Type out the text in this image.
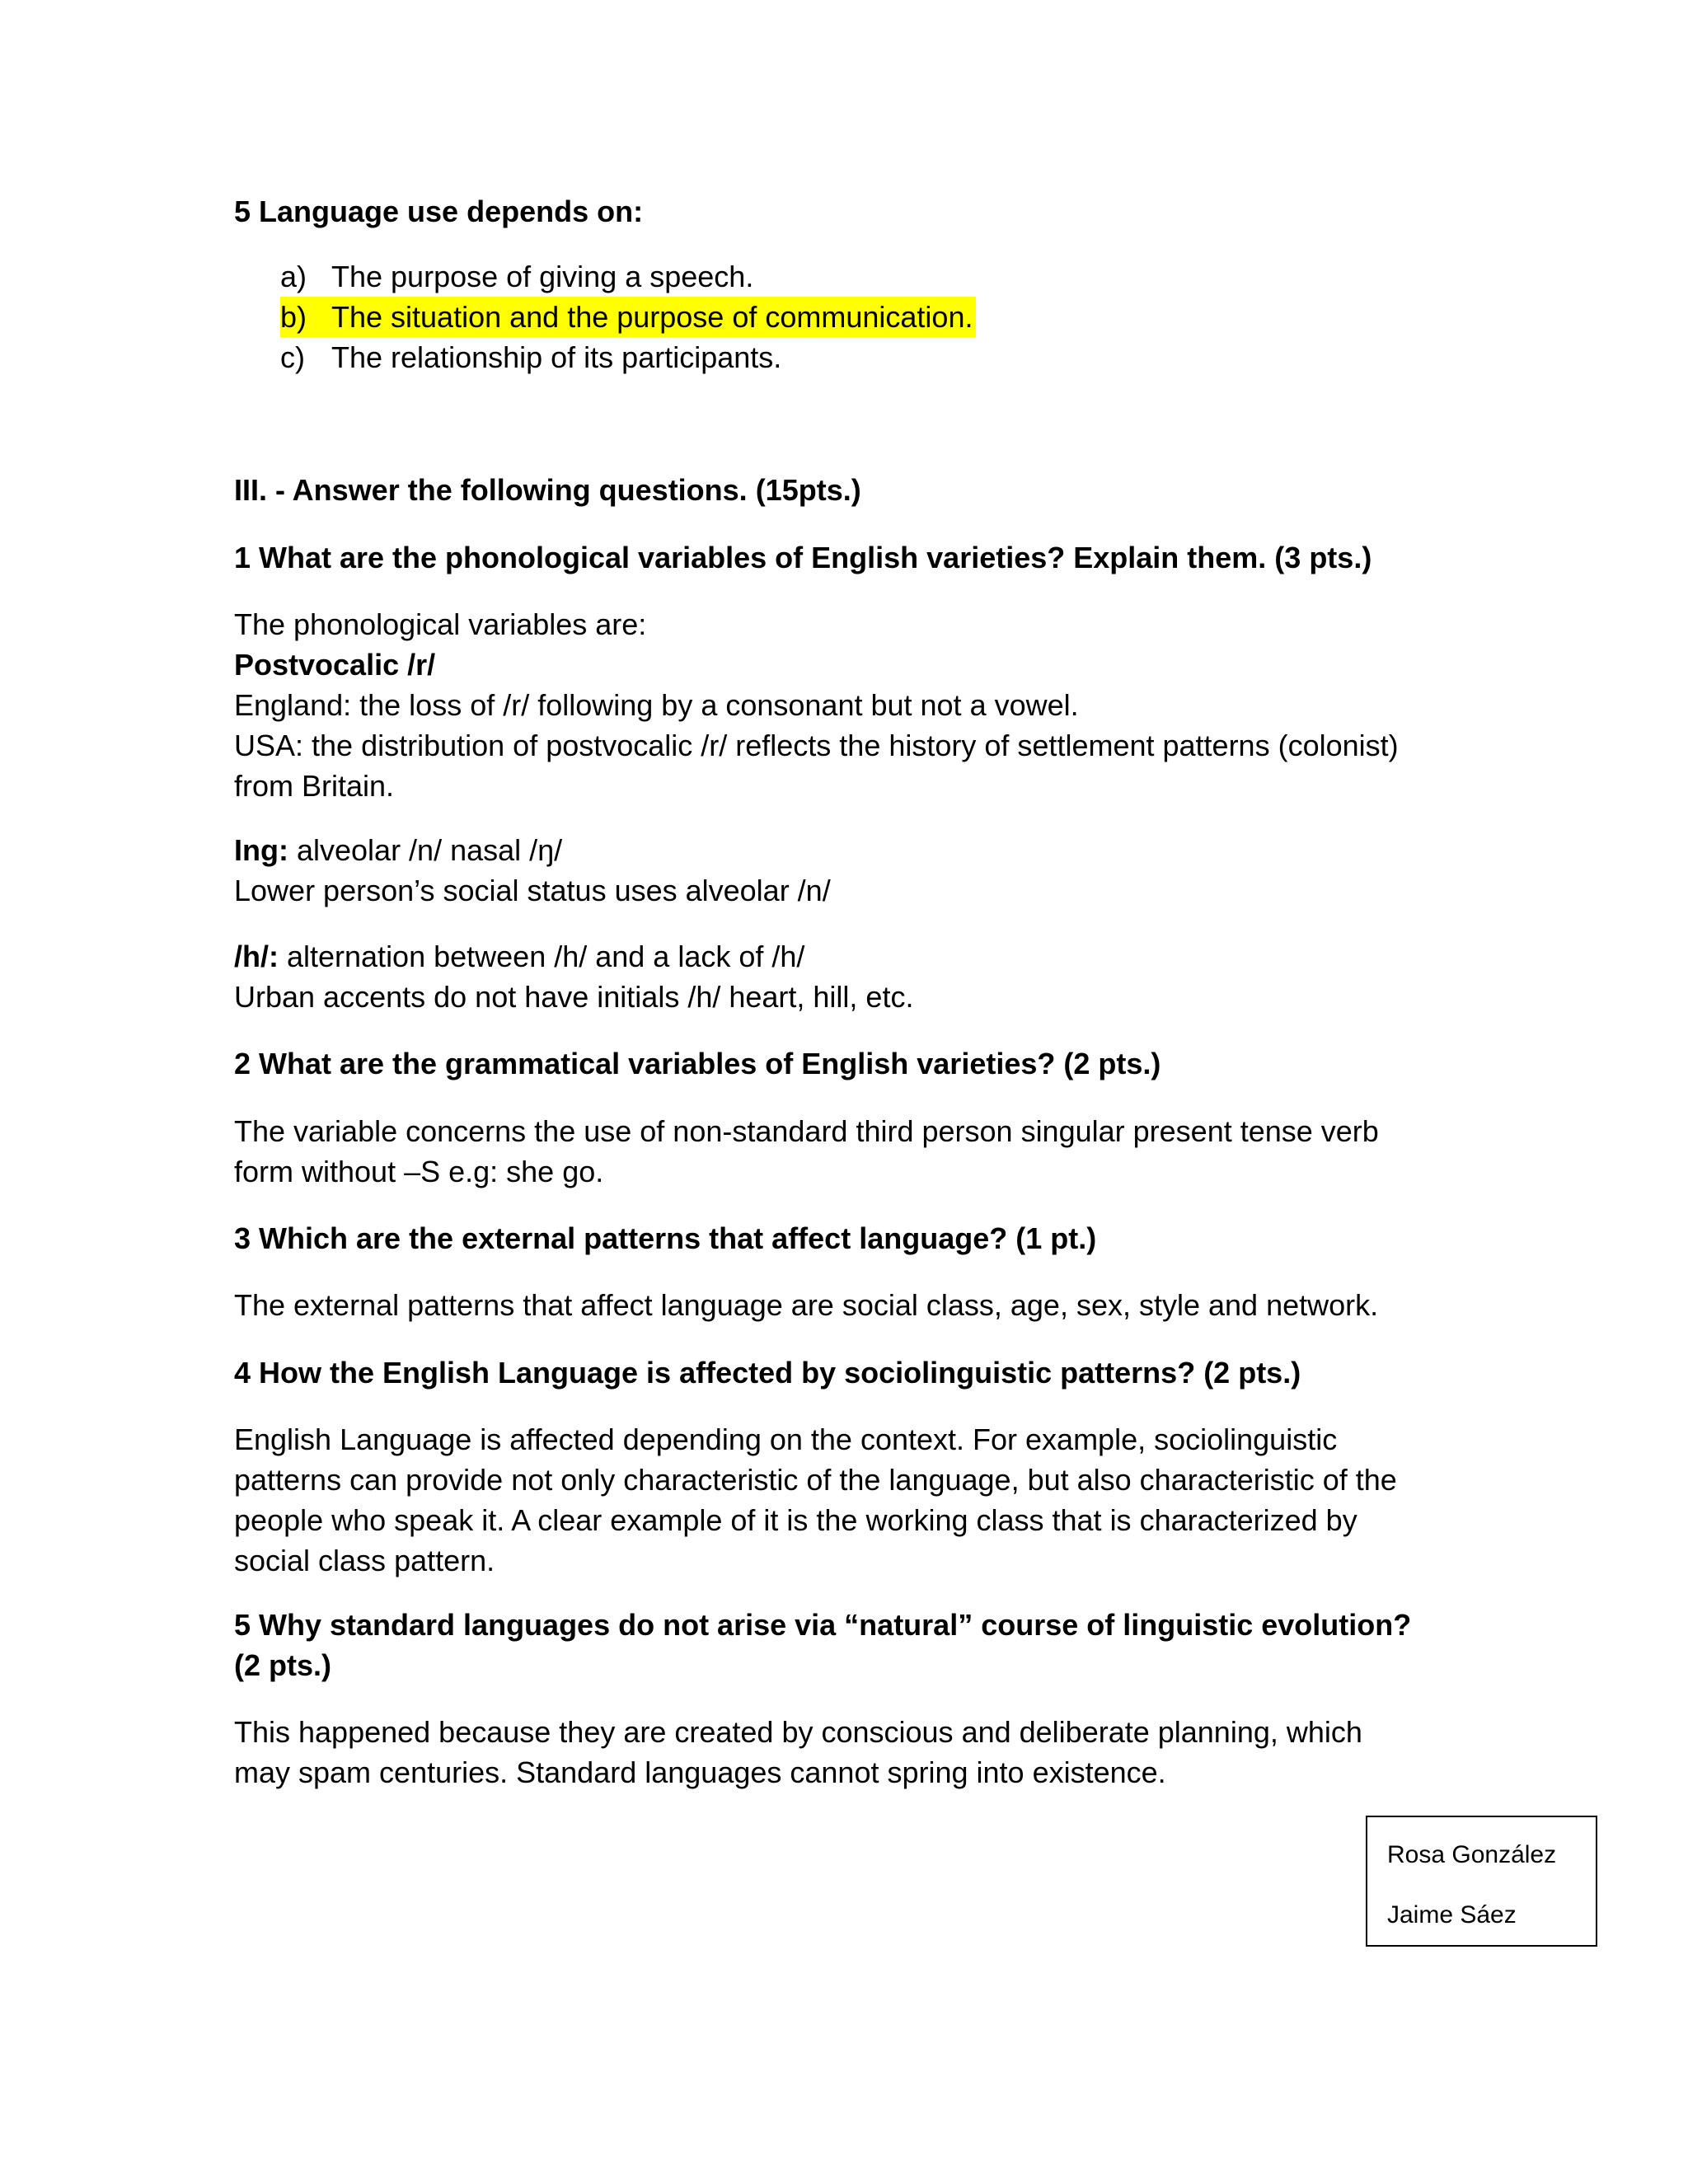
5 Language use depends on:
a) The purpose of giving a speech.
b) The situation and the purpose of communication.
c) The relationship of its participants.
III. - Answer the following questions. (15pts.)
1 What are the phonological variables of English varieties? Explain them. (3 pts.)
The phonological variables are:
Postvocalic /r/
England: the loss of /r/ following by a consonant but not a vowel.
USA: the distribution of postvocalic /r/ reflects the history of settlement patterns (colonist)
from Britain.
Ing: alveolar /n/ nasal /ŋ/
Lower person’s social status uses alveolar /n/
/h/: alternation between /h/ and a lack of /h/
Urban accents do not have initials /h/ heart, hill, etc.
2 What are the grammatical variables of English varieties? (2 pts.)
The variable concerns the use of non-standard third person singular present tense verb
form without –S e.g: she go.
3 Which are the external patterns that affect language? (1 pt.)
The external patterns that affect language are social class, age, sex, style and network.
4 How the English Language is affected by sociolinguistic patterns? (2 pts.)
English Language is affected depending on the context. For example, sociolinguistic
patterns can provide not only characteristic of the language, but also characteristic of the
people who speak it. A clear example of it is the working class that is characterized by
social class pattern.
5 Why standard languages do not arise via “natural” course of linguistic evolution?
(2 pts.)
This happened because they are created by conscious and deliberate planning, which
may spam centuries. Standard languages cannot spring into existence.
Rosa González
Jaime Sáez
